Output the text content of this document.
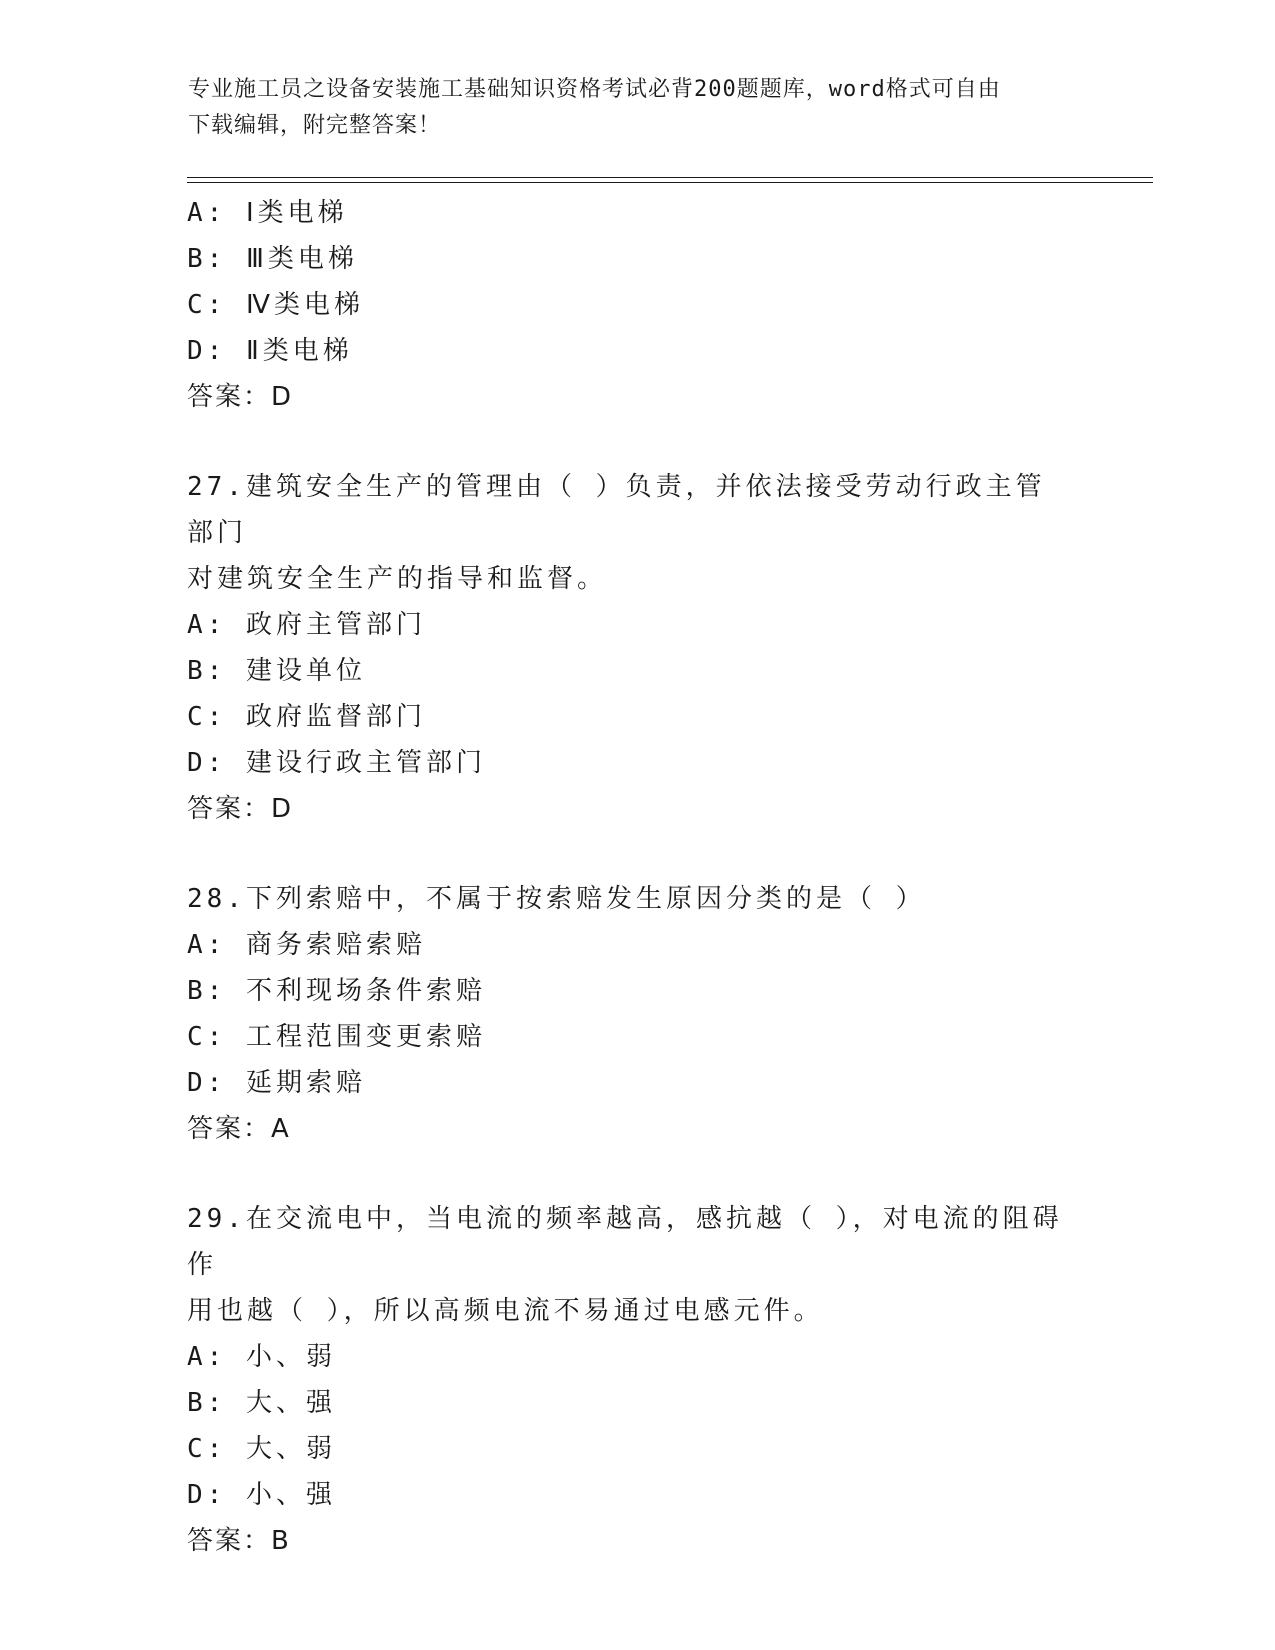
专业施工员之设备安装施工基础知识资格考试必背200题题库，word格式可自由
下载编辑，附完整答案！
A: Ⅰ类电梯
B: Ⅲ类电梯
C: Ⅳ类电梯
D: Ⅱ类电梯
答案：D
27.建筑安全生产的管理由（ ）负责，并依法接受劳动行政主管部门
对建筑安全生产的指导和监督。
A: 政府主管部门
B: 建设单位
C: 政府监督部门
D: 建设行政主管部门
答案：D
28.下列索赔中，不属于按索赔发生原因分类的是（ ）
A: 商务索赔索赔
B: 不利现场条件索赔
C: 工程范围变更索赔
D: 延期索赔
答案：A
29.在交流电中，当电流的频率越高，感抗越（ ），对电流的阻碍作
用也越（ ），所以高频电流不易通过电感元件。
A: 小、弱
B: 大、强
C: 大、弱
D: 小、强
答案：B
